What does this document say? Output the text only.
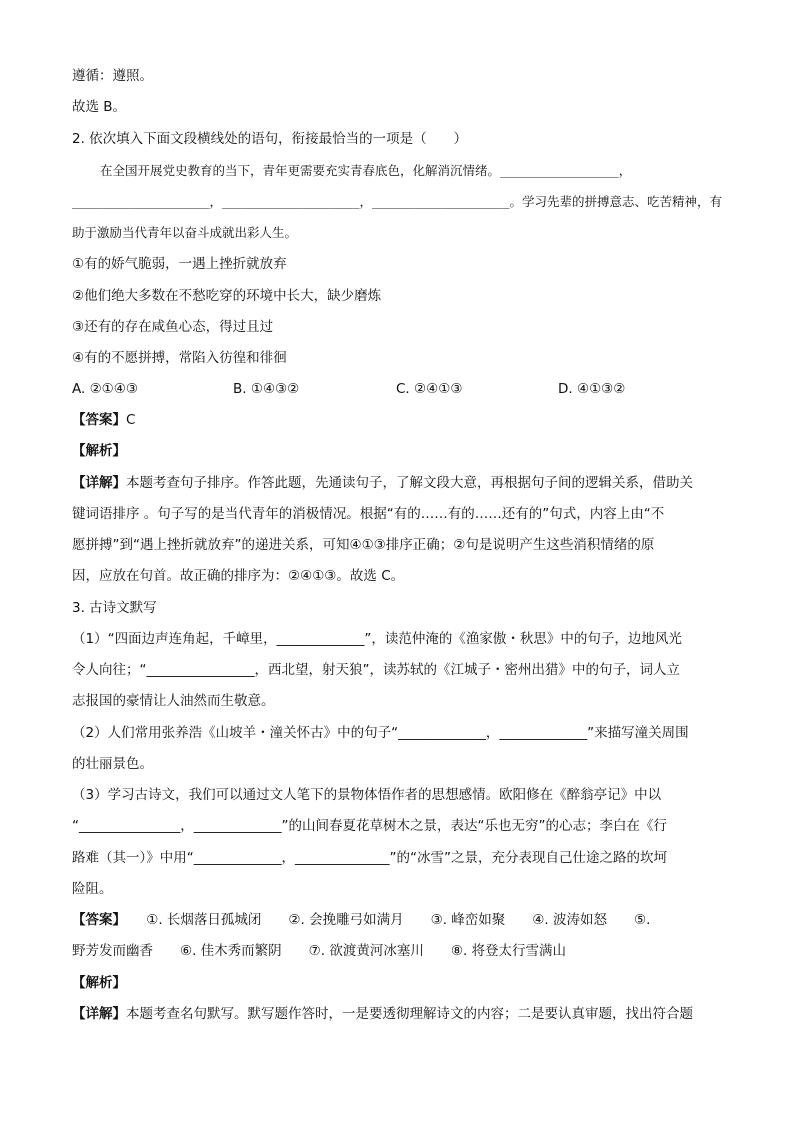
遵循：遵照。
故选 B。
2. 依次填入下面文段横线处的语句，衔接最恰当的一项是（　　）
在全国开展党史教育的当下，青年更需要充实青春底色，化解消沉情绪。___________________，
______________________，______________________，______________________。学习先辈的拼搏意志、吃苦精神，有
助于激励当代青年以奋斗成就出彩人生。
①有的娇气脆弱，一遇上挫折就放弃
②他们绝大多数在不愁吃穿的环境中长大，缺少磨炼
③还有的存在咸鱼心态，得过且过
④有的不愿拼搏，常陷入彷徨和徘徊
A. ②①④③	B. ①④③②	C. ②④①③	D. ④①③②
【答案】C
【解析】
【详解】本题考查句子排序。作答此题，先通读句子，了解文段大意，再根据句子间的逻辑关系，借助关
键词语排序 。句子写的是当代青年的消极情况。根据“有的……有的……还有的”句式，内容上由“不
愿拼搏”到“遇上挫折就放弃”的递进关系，可知④①③排序正确；②句是说明产生这些消积情绪的原
因，应放在句首。故正确的排序为：②④①③。故选 C。
3. 古诗文默写
（1）“四面边声连角起，千嶂里，_____________”，读范仲淹的《渔家傲・秋思》中的句子，边地风光
令人向往；“________________，西北望，射天狼”，读苏轼的《江城子・密州出猎》中的句子，词人立
志报国的豪情让人油然而生敬意。
（2）人们常用张养浩《山坡羊・潼关怀古》中的句子“_____________，_____________”来描写潼关周围
的壮丽景色。
（3）学习古诗文，我们可以通过文人笔下的景物体悟作者的思想感情。欧阳修在《醉翁亭记》中以
“_______________，_____________”的山间春夏花草树木之景，表达“乐也无穷”的心志；李白在《行
路难（其一）》中用“_____________，______________”的“冰雪”之景，充分表现自己仕途之路的坎坷
险阻。
【答案】　　 ①. 长烟落日孤城闭　　②. 会挽雕弓如满月　　③. 峰峦如聚　　④. 波涛如怒　　⑤.
野芳发而幽香　　⑥. 佳木秀而繁阴　　⑦. 欲渡黄河冰塞川　　⑧. 将登太行雪满山
【解析】
【详解】本题考查名句默写。默写题作答时，一是要透彻理解诗文的内容；二是要认真审题，找出符合题
